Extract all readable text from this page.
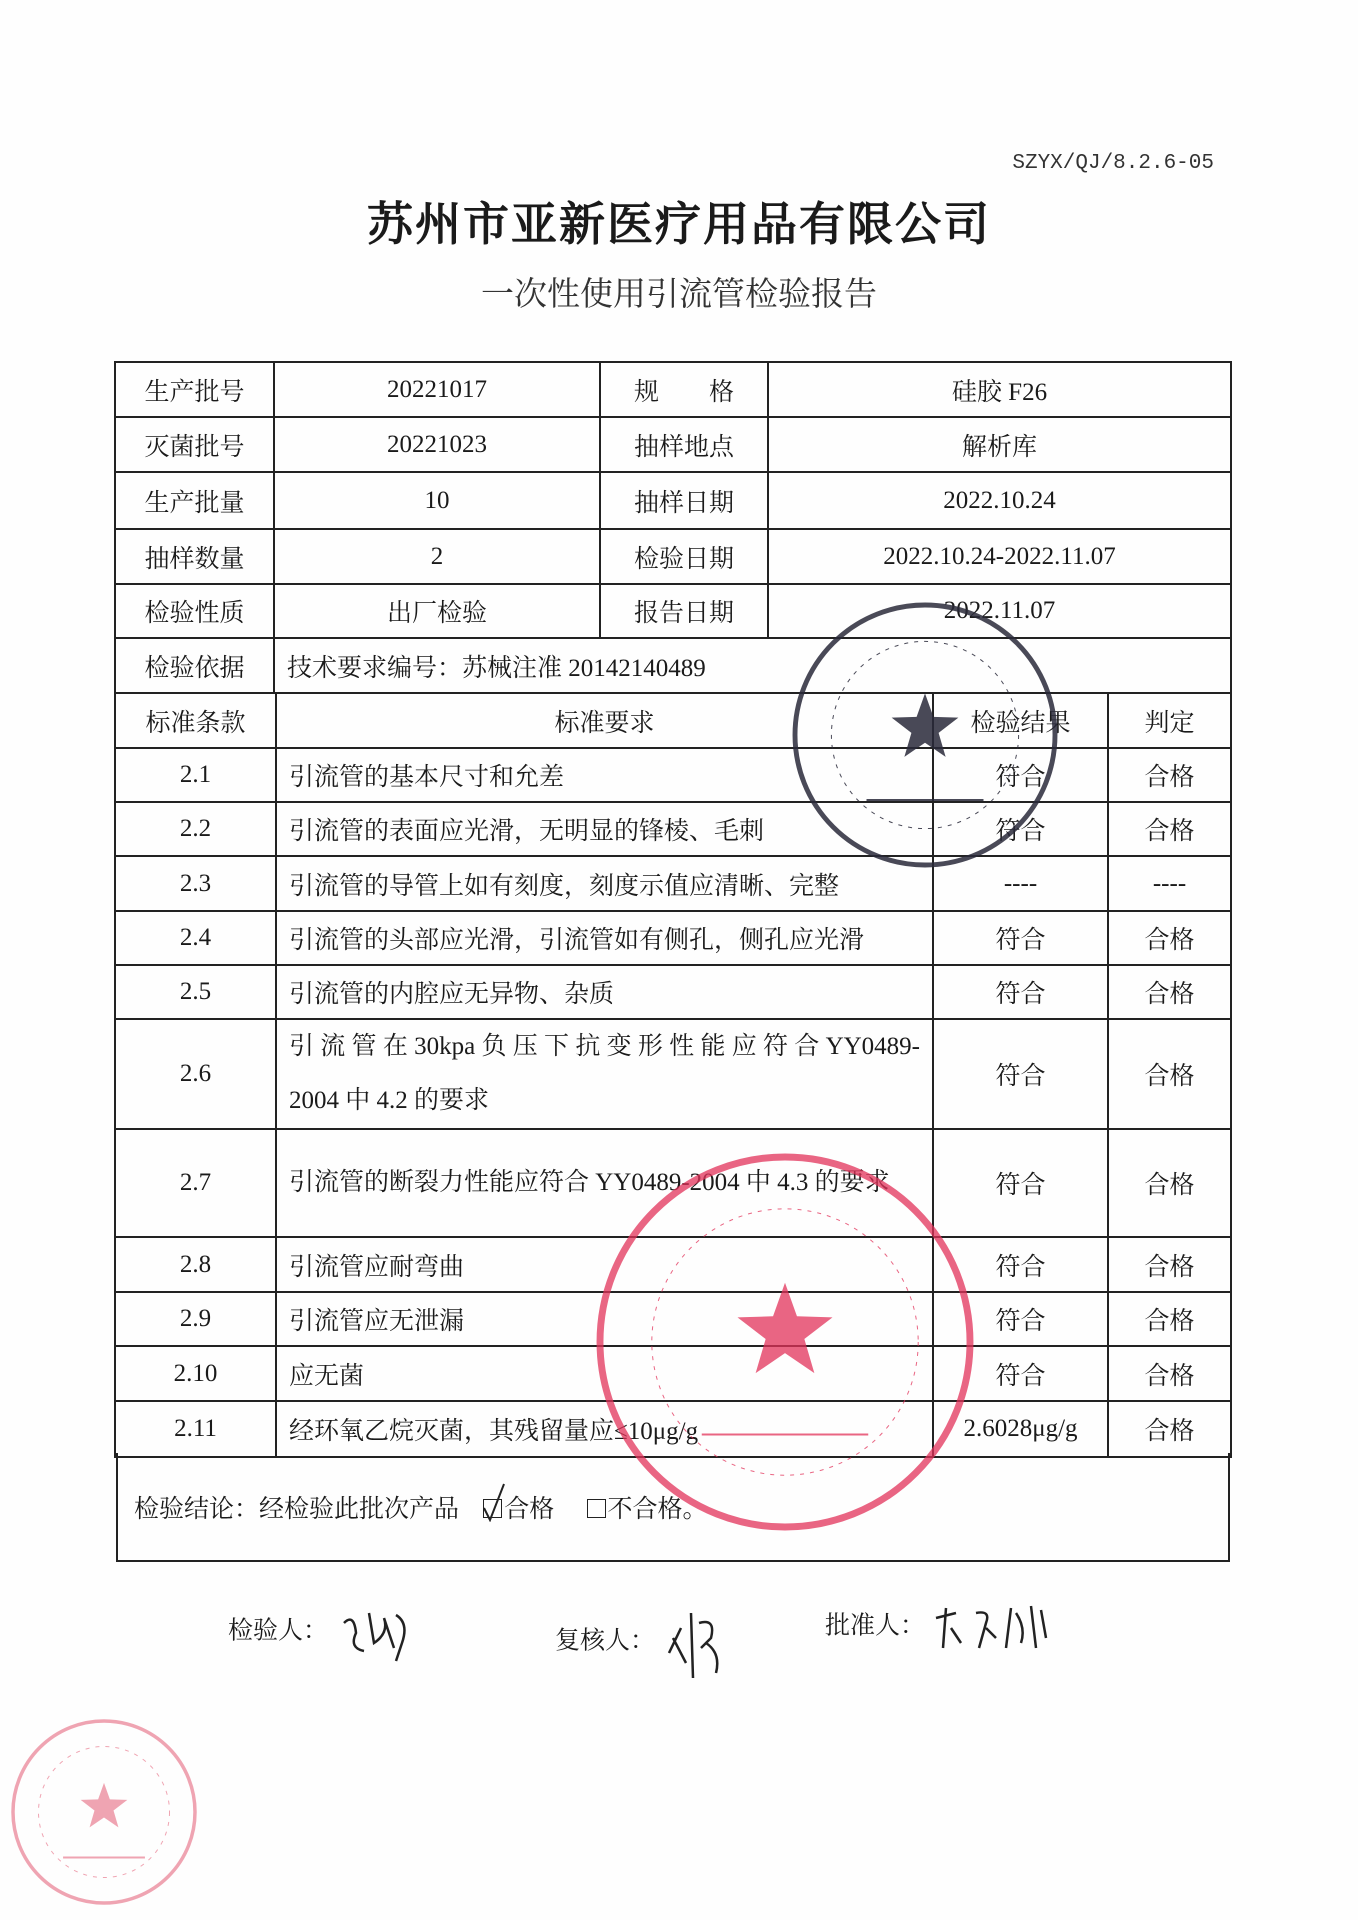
SZYX/QJ/8.2.6-05
苏州市亚新医疗用品有限公司
一次性使用引流管检验报告
生产批号	20221017	规　　格	硅胶 F26
灭菌批号	20221023	抽样地点	解析库
生产批量	10	抽样日期	2022.10.24
抽样数量	2	检验日期	2022.10.24-2022.11.07
检验性质	出厂检验	报告日期	2022.11.07
检验依据	技术要求编号：苏械注准 20142140489		
标准条款	标准要求	检验结果	判定
2.1	引流管的基本尺寸和允差	符合	合格
2.2	引流管的表面应光滑，无明显的锋棱、毛刺	符合	合格
2.3	引流管的导管上如有刻度，刻度示值应清晰、完整	----	----
2.4	引流管的头部应光滑，引流管如有侧孔，侧孔应光滑	符合	合格
2.5	引流管的内腔应无异物、杂质	符合	合格
2.6	引 流 管 在 30kpa 负 压 下 抗 变 形 性 能 应 符 合 YY0489-2004 中 4.2 的要求	符合	合格
2.7	引流管的断裂力性能应符合 YY0489-2004 中 4.3 的要求	符合	合格
2.8	引流管应耐弯曲	符合	合格
2.9	引流管应无泄漏	符合	合格
2.10	应无菌	符合	合格
2.11	经环氧乙烷灭菌，其残留量应≤10μg/g	2.6028μg/g	合格
检验结论：经检验此批次产品 合格 不合格。
检验人：	复核人：
批准人：
